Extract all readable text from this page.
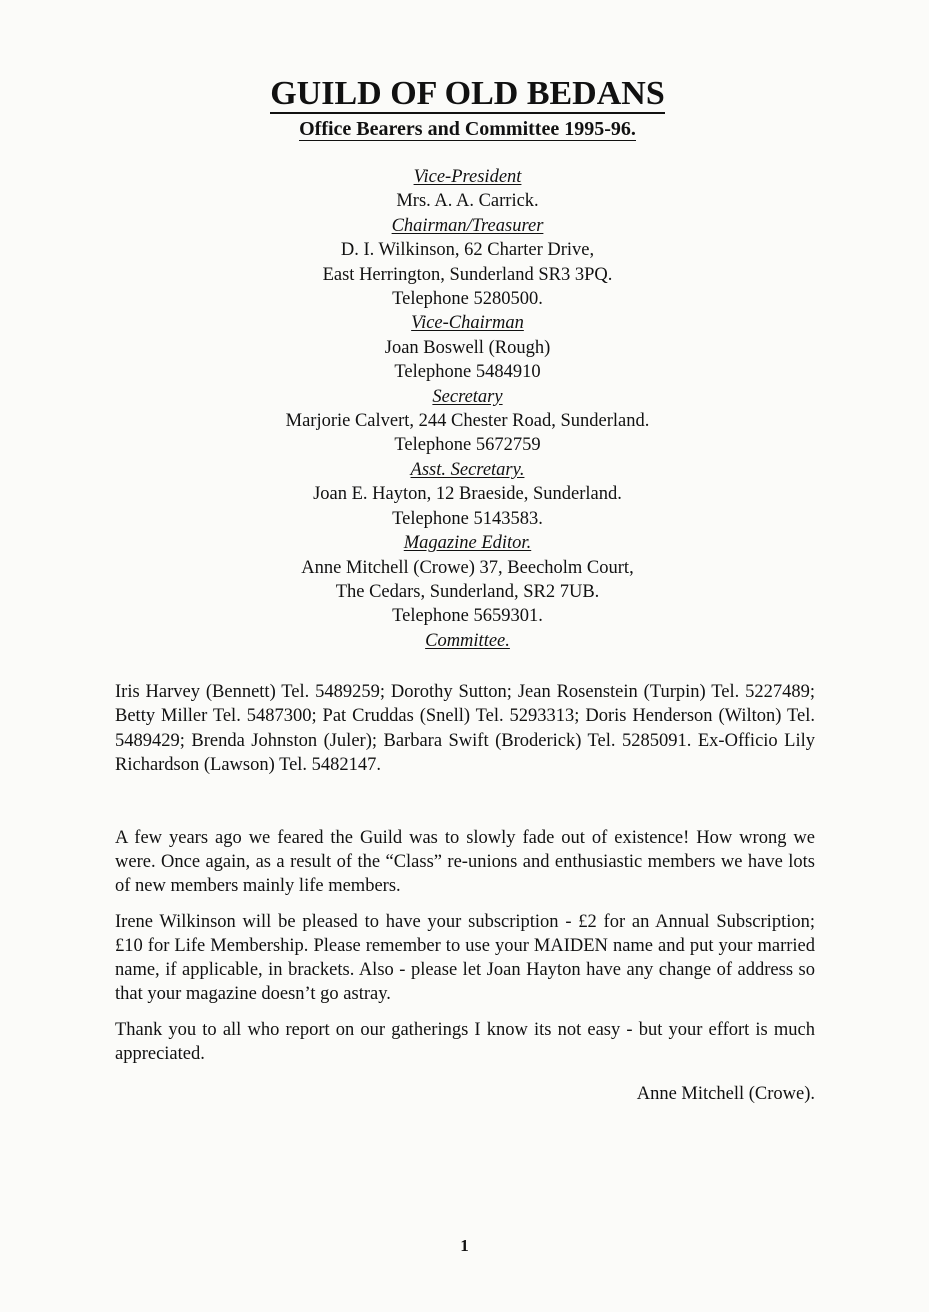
GUILD OF OLD BEDANS
Office Bearers and Committee 1995-96.
Vice-President
Mrs. A. A. Carrick.
Chairman/Treasurer
D. I. Wilkinson, 62 Charter Drive,
East Herrington, Sunderland SR3 3PQ.
Telephone 5280500.
Vice-Chairman
Joan Boswell (Rough)
Telephone 5484910
Secretary
Marjorie Calvert, 244 Chester Road, Sunderland.
Telephone 5672759
Asst. Secretary.
Joan E. Hayton, 12 Braeside, Sunderland.
Telephone 5143583.
Magazine Editor.
Anne Mitchell (Crowe) 37, Beecholm Court,
The Cedars, Sunderland, SR2 7UB.
Telephone 5659301.
Committee.
Iris Harvey (Bennett) Tel. 5489259; Dorothy Sutton; Jean Rosenstein (Turpin) Tel. 5227489; Betty Miller Tel. 5487300; Pat Cruddas (Snell) Tel. 5293313; Doris Henderson (Wilton) Tel. 5489429; Brenda Johnston (Juler); Barbara Swift (Broderick) Tel. 5285091. Ex-Officio Lily Richardson (Lawson) Tel. 5482147.
A few years ago we feared the Guild was to slowly fade out of existence! How wrong we were. Once again, as a result of the “Class” re-unions and enthusiastic members we have lots of new members mainly life members.
Irene Wilkinson will be pleased to have your subscription - £2 for an Annual Subscription; £10 for Life Membership. Please remember to use your MAIDEN name and put your married name, if applicable, in brackets. Also - please let Joan Hayton have any change of address so that your magazine doesn’t go astray.
Thank you to all who report on our gatherings I know its not easy - but your effort is much appreciated.
Anne Mitchell (Crowe).
1
